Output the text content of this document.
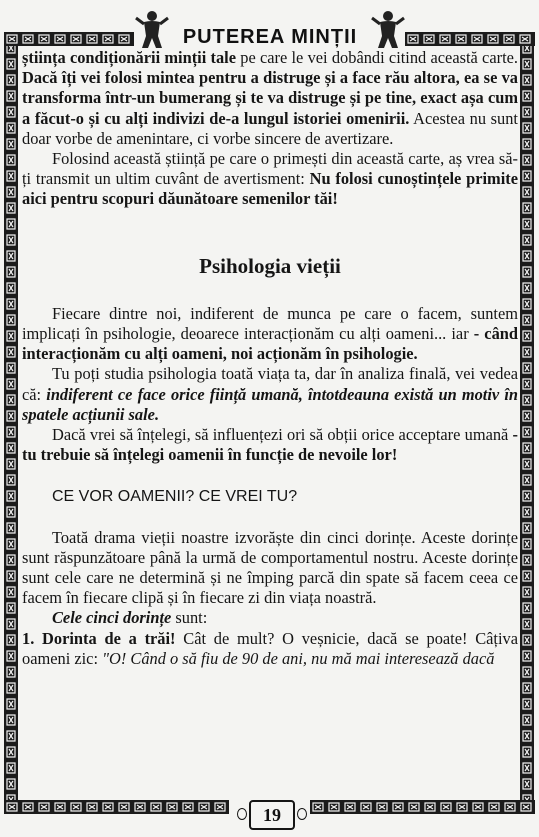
PUTEREA MINȚII

știința condiționării minții tale pe care le vei dobândi citind această carte. Dacă îți vei folosi mintea pentru a distruge și a face rău altora, ea se va transforma într-un bumerang și te va distruge și pe tine, exact așa cum a făcut-o și cu alți indivizi de-a lungul istoriei omenirii. Acestea nu sunt doar vorbe de amenintare, ci vorbe sincere de avertizare.

Folosind această știință pe care o primești din această carte, aș vrea să-ți transmit un ultim cuvânt de avertisment: Nu folosi cunoștințele primite aici pentru scopuri dăunătoare semenilor tăi!

Psihologia vieții

Fiecare dintre noi, indiferent de munca pe care o facem, suntem implicați în psihologie, deoarece interacționăm cu alți oameni... iar - când interacționăm cu alți oameni, noi acționăm în psihologie.

Tu poți studia psihologia toată viața ta, dar în analiza finală, vei vedea că: indiferent ce face orice ființă umană, întotdeauna există un motiv în spatele acțiunii sale.

Dacă vrei să înțelegi, să influențezi ori să obții orice acceptare umană - tu trebuie să înțelegi oamenii în funcție de nevoile lor!

CE VOR OAMENII? CE VREI TU?

Toată drama vieții noastre izvorăște din cinci dorințe. Aceste dorințe sunt răspunzătoare până la urmă de comportamentul nostru. Aceste dorințe sunt cele care ne determină și ne împing parcă din spate să facem ceea ce facem în fiecare clipă și în fiecare zi din viața noastră.

Cele cinci dorințe sunt:

1. Dorinta de a trăi! Cât de mult? O veșnicie, dacă se poate! Câțiva oameni zic: "O! Când o să fiu de 90 de ani, nu mă mai interesează dacă

19
